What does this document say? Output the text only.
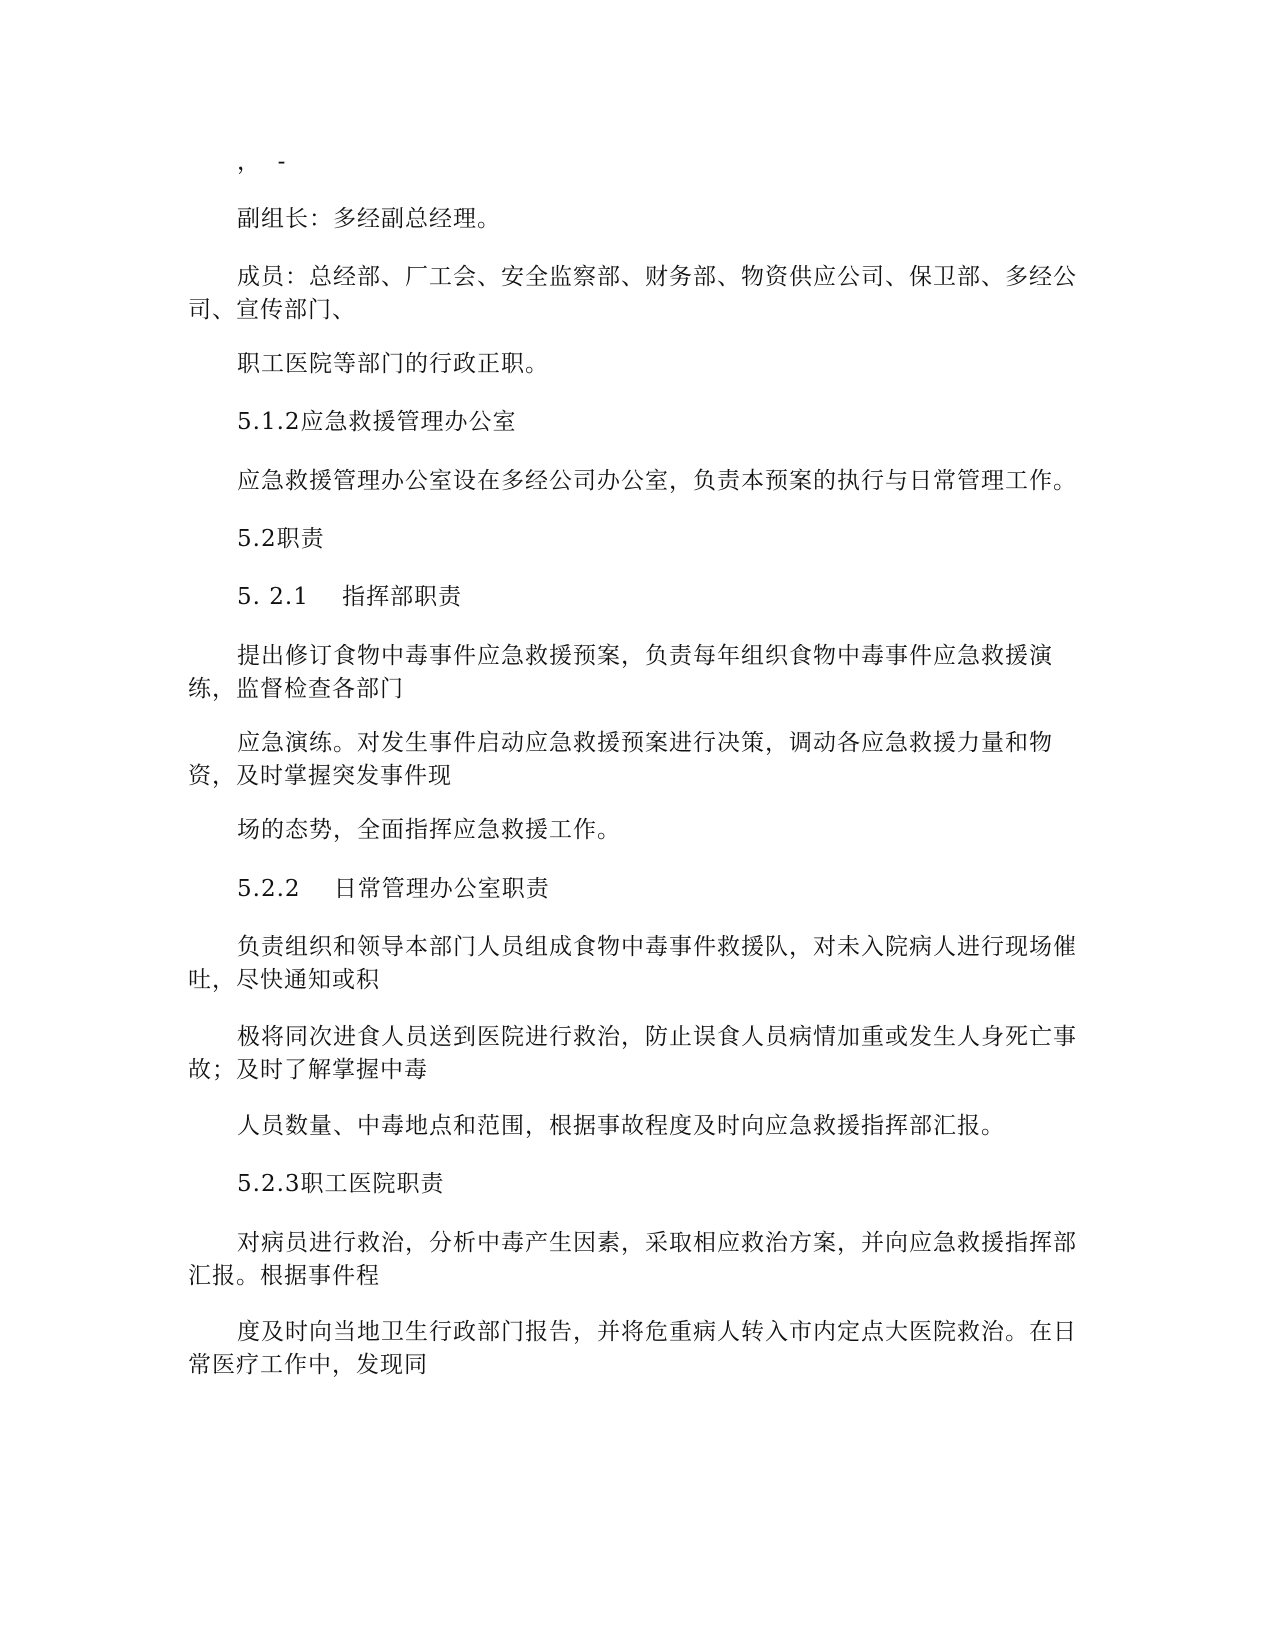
，  -

副组长：多经副总经理。

成员：总经部、厂工会、安全监察部、财务部、物资供应公司、保卫部、多经公司、宣传部门、

职工医院等部门的行政正职。

5.1.2应急救援管理办公室

应急救援管理办公室设在多经公司办公室，负责本预案的执行与日常管理工作。

5.2职责

5. 2.1    指挥部职责

提出修订食物中毒事件应急救援预案，负责每年组织食物中毒事件应急救援演练，监督检查各部门

应急演练。对发生事件启动应急救援预案进行决策，调动各应急救援力量和物资，及时掌握突发事件现

场的态势，全面指挥应急救援工作。

5.2.2    日常管理办公室职责

负责组织和领导本部门人员组成食物中毒事件救援队，对未入院病人进行现场催吐，尽快通知或积

极将同次进食人员送到医院进行救治，防止误食人员病情加重或发生人身死亡事故；及时了解掌握中毒

人员数量、中毒地点和范围，根据事故程度及时向应急救援指挥部汇报。

5.2.3职工医院职责

对病员进行救治，分析中毒产生因素，采取相应救治方案，并向应急救援指挥部汇报。根据事件程

度及时向当地卫生行政部门报告，并将危重病人转入市内定点大医院救治。在日常医疗工作中，发现同
